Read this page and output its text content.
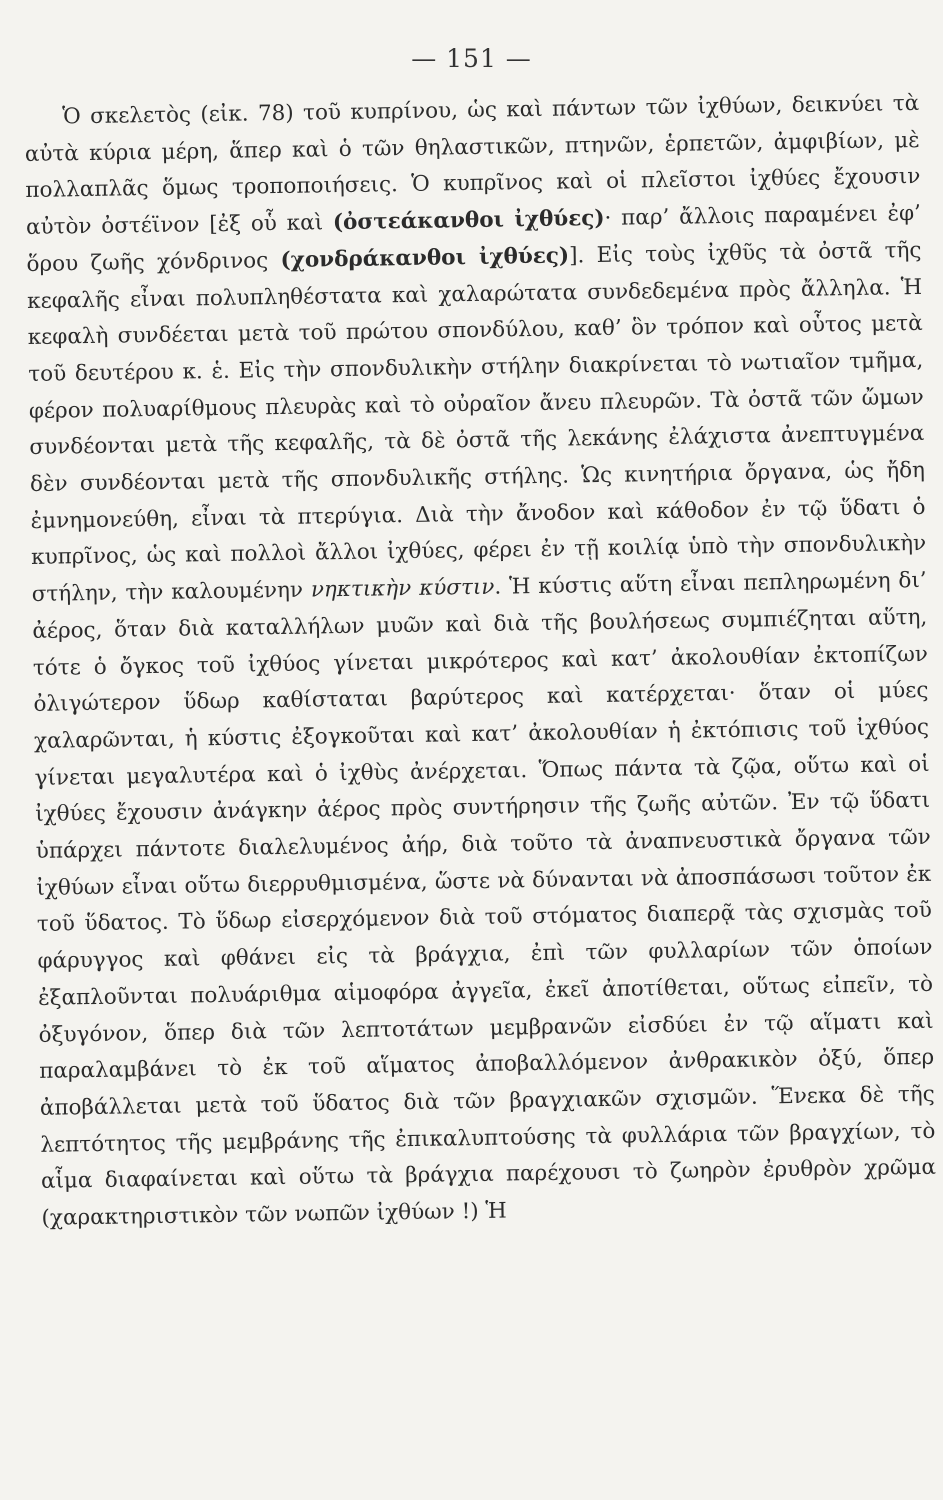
— 151 —

Ὁ σκελετὸς (εἰκ. 78) τοῦ κυπρίνου, ὡς καὶ πάντων τῶν ἰχθύων, δεικνύει τὰ αὐτὰ κύρια μέρη, ἅπερ καὶ ὁ τῶν θηλαστικῶν, πτηνῶν, ἑρπετῶν, ἀμφιβίων, μὲ πολλαπλᾶς ὅμως τροποποιήσεις. Ὁ κυπρῖνος καὶ οἱ πλεῖστοι ἰχθύες ἔχουσιν αὐτὸν ὀστέϊνον [ἐξ οὗ καὶ (ὀστεάκανθοι ἰχθύες)· παρ’ ἄλλοις παραμένει ἐφ’ ὅρου ζωῆς χόνδρινος (χονδράκανθοι ἰχθύες)]. Εἰς τοὺς ἰχθῦς τὰ ὀστᾶ τῆς κεφαλῆς εἶναι πολυπληθέστατα καὶ χαλαρώτατα συνδεδεμένα πρὸς ἄλληλα. Ἡ κεφαλὴ συνδέεται μετὰ τοῦ πρώτου σπονδύλου, καθ’ ὃν τρόπον καὶ οὗτος μετὰ τοῦ δευτέρου κ. ἑ. Εἰς τὴν σπονδυλικὴν στήλην διακρίνεται τὸ νωτιαῖον τμῆμα, φέρον πολυαρίθμους πλευρὰς καὶ τὸ οὐραῖον ἄνευ πλευρῶν. Τὰ ὀστᾶ τῶν ὤμων συνδέονται μετὰ τῆς κεφαλῆς, τὰ δὲ ὀστᾶ τῆς λεκάνης ἐλάχιστα ἀνεπτυγμένα δὲν συνδέονται μετὰ τῆς σπονδυλικῆς στήλης. Ὡς κινητήρια ὄργανα, ὡς ἤδη ἐμνημονεύθη, εἶναι τὰ πτερύγια. Διὰ τὴν ἄνοδον καὶ κάθοδον ἐν τῷ ὕδατι ὁ κυπρῖνος, ὡς καὶ πολλοὶ ἄλλοι ἰχθύες, φέρει ἐν τῇ κοιλίᾳ ὑπὸ τὴν σπονδυλικὴν στήλην, τὴν καλουμένην νηκτικὴν κύστιν. Ἡ κύστις αὕτη εἶναι πεπληρωμένη δι’ ἀέρος, ὅταν διὰ καταλλήλων μυῶν καὶ διὰ τῆς βουλήσεως συμπιέζηται αὕτη, τότε ὁ ὄγκος τοῦ ἰχθύος γίνεται μικρότερος καὶ κατ’ ἀκολουθίαν ἐκτοπίζων ὀλιγώτερον ὕδωρ καθίσταται βαρύτερος καὶ κατέρχεται· ὅταν οἱ μύες χαλαρῶνται, ἡ κύστις ἐξογκοῦται καὶ κατ’ ἀκολουθίαν ἡ ἐκτόπισις τοῦ ἰχθύος γίνεται μεγαλυτέρα καὶ ὁ ἰχθὺς ἀνέρχεται. Ὅπως πάντα τὰ ζῷα, οὕτω καὶ οἱ ἰχθύες ἔχουσιν ἀνάγκην ἀέρος πρὸς συντήρησιν τῆς ζωῆς αὐτῶν. Ἐν τῷ ὕδατι ὑπάρχει πάντοτε διαλελυμένος ἀήρ, διὰ τοῦτο τὰ ἀναπνευστικὰ ὄργανα τῶν ἰχθύων εἶναι οὕτω διερρυθμισμένα, ὥστε νὰ δύνανται νὰ ἀποσπάσωσι τοῦτον ἐκ τοῦ ὕδατος. Τὸ ὕδωρ εἰσερχόμενον διὰ τοῦ στόματος διαπερᾷ τὰς σχισμὰς τοῦ φάρυγγος καὶ φθάνει εἰς τὰ βράγχια, ἐπὶ τῶν φυλλαρίων τῶν ὁποίων ἐξαπλοῦνται πολυάριθμα αἱμοφόρα ἀγγεῖα, ἐκεῖ ἀποτίθεται, οὕτως εἰπεῖν, τὸ ὀξυγόνον, ὅπερ διὰ τῶν λεπτοτάτων μεμβρανῶν εἰσδύει ἐν τῷ αἵματι καὶ παραλαμβάνει τὸ ἐκ τοῦ αἵματος ἀποβαλλόμενον ἀνθρακικὸν ὀξύ, ὅπερ ἀποβάλλεται μετὰ τοῦ ὕδατος διὰ τῶν βραγχιακῶν σχισμῶν. Ἕνεκα δὲ τῆς λεπτότητος τῆς μεμβράνης τῆς ἐπικαλυπτούσης τὰ φυλλάρια τῶν βραγχίων, τὸ αἷμα διαφαίνεται καὶ οὕτω τὰ βράγχια παρέχουσι τὸ ζωηρὸν ἐρυθρὸν χρῶμα (χαρακτηριστικὸν τῶν νωπῶν ἰχθύων !) Ἡ
